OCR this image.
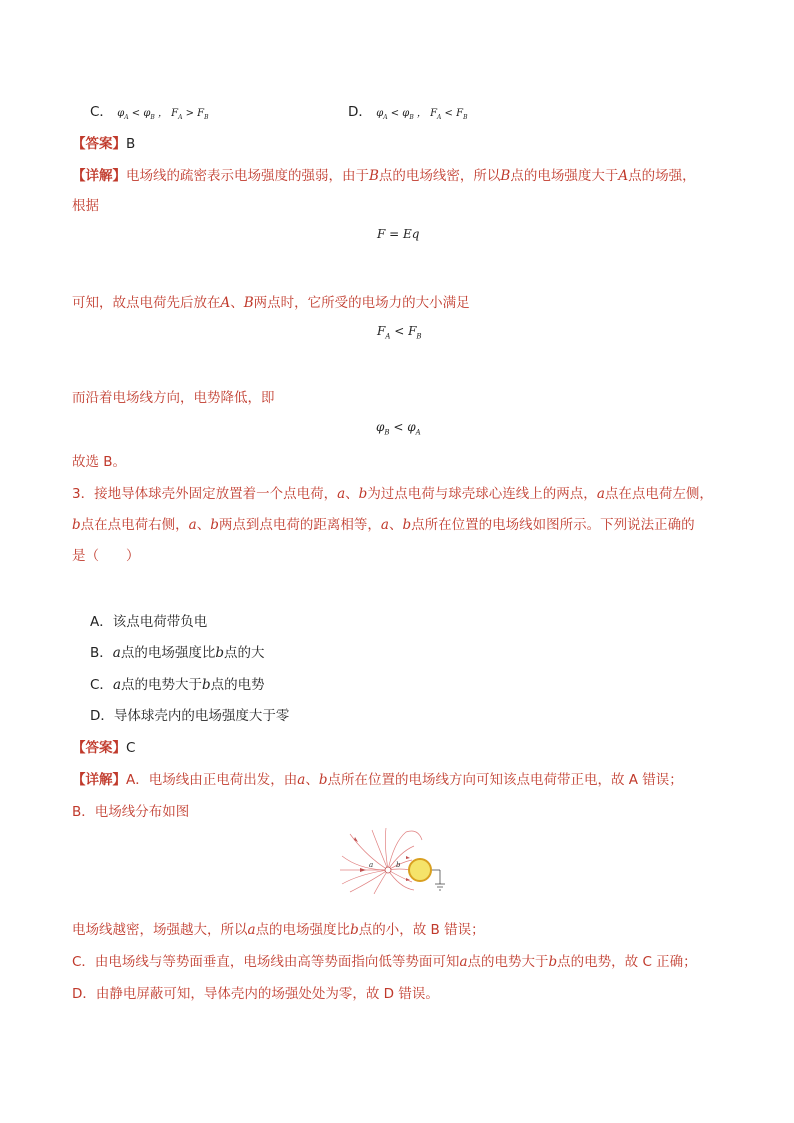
C． $\varphi_A < \varphi_B$ ， $F_A > F_B$	D． $\varphi_A < \varphi_B$ ， $F_A < F_B$
【答案】B
【详解】电场线的疏密表示电场强度的强弱，由于B点的电场线密，所以B点的电场强度大于A点的场强，
根据
F = Eq
可知，故点电荷先后放在A、B两点时，它所受的电场力的大小满足
$F_A < F_B$
而沿着电场线方向，电势降低，即
$\varphi_B < \varphi_A$
故选 B。
3．接地导体球壳外固定放置着一个点电荷，a、b为过点电荷与球壳球心连线上的两点，a点在点电荷左侧，
b点在点电荷右侧，a、b两点到点电荷的距离相等，a、b点所在位置的电场线如图所示。下列说法正确的
是（　　）
A．该点电荷带负电
B．a点的电场强度比b点的大
C．a点的电势大于b点的电势
D．导体球壳内的电场强度大于零
【答案】C
【详解】A．电场线由正电荷出发，由a、b点所在位置的电场线方向可知该点电荷带正电，故 A 错误；
B．电场线分布如图
a	b
电场线越密，场强越大，所以a点的电场强度比b点的小，故 B 错误；
C．由电场线与等势面垂直，电场线由高等势面指向低等势面可知a点的电势大于b点的电势，故 C 正确；
D．由静电屏蔽可知，导体壳内的场强处处为零，故 D 错误。
